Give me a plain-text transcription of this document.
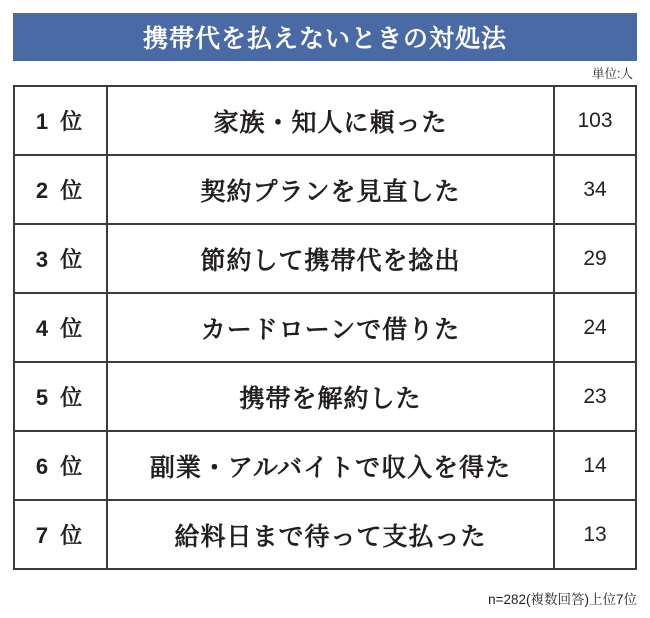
携帯代を払えないときの対処法
単位:人
1 位	家族・知人に頼った	103
2 位	契約プランを見直した	34
3 位	節約して携帯代を捻出	29
4 位	カードローンで借りた	24
5 位	携帯を解約した	23
6 位	副業・アルバイトで収入を得た	14
7 位	給料日まで待って支払った	13
n=282(複数回答)上位7位
